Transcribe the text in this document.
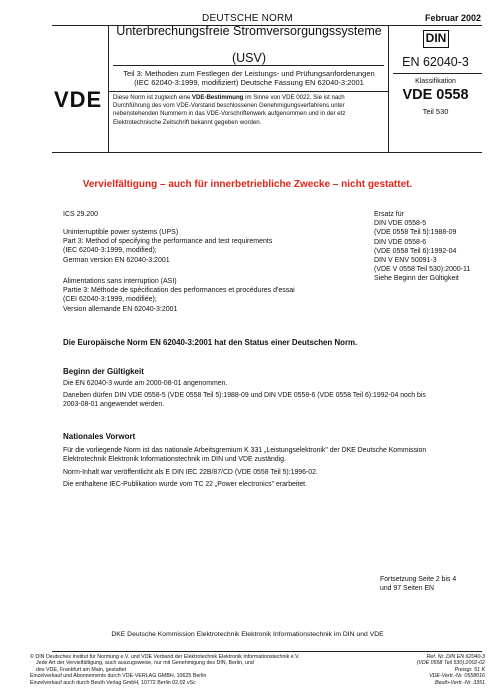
DEUTSCHE NORM	Februar 2002
VDE
Unterbrechungsfreie Stromversorgungssysteme
(USV)
Teil 3: Methoden zum Festlegen der Leistungs- und Prüfungsanforderungen
(IEC 62040-3:1999, modifiziert) Deutsche Fassung EN 62040-3:2001
Diese Norm ist zugleich eine VDE-Bestimmung im Sinne von VDE 0022. Sie ist nach
Durchführung des vom VDE-Vorstand beschlossenen Genehmigungsverfahrens unter
nebenstehenden Nummern in das VDE-Vorschriftenwerk aufgenommen und in der etz
Elektrotechnische Zeitschrift bekannt gegeben worden.
DIN
EN 62040-3
Klassifikation
VDE 0558
Teil 530
Vervielfältigung – auch für innerbetriebliche Zwecke – nicht gestattet.
ICS 29.200
Uninterruptible power systems (UPS)
Part 3: Method of specifying the performance and test requirements
(IEC 62040-3:1999, modified);
German version EN 62040-3:2001
Alimentations sans interruption (ASI)
Partie 3: Méthode de spécification des performances et procédures d'essai
(CEI 62040-3:1999, modifiée);
Version allemande EN 62040-3:2001
Ersatz für
DIN VDE 0558-5
(VDE 0558 Teil 5):1988-09
DIN VDE 0558-6
(VDE 0558 Teil 6):1992-04
DIN V ENV 50091-3
(VDE V 0558 Teil 530):2000-11
Siehe Beginn der Gültigkeit
Die Europäische Norm EN 62040-3:2001 hat den Status einer Deutschen Norm.
Beginn der Gültigkeit
Die EN 62040-3 wurde am 2000-08-01 angenommen.
Daneben dürfen DIN VDE 0558-5 (VDE 0558 Teil 5):1988-09 und DIN VDE 0558-6 (VDE 0558 Teil 6):1992-04 noch bis
2003-08-01 angewendet werden.
Nationales Vorwort
Für die vorliegende Norm ist das nationale Arbeitsgremium K 331 „Leistungselektronik" der DKE Deutsche Kommission
Elektrotechnik Elektronik Informationstechnik im DIN und VDE zuständig.
Norm-Inhalt war veröffentlicht als E DIN IEC 22B/87/CD (VDE 0558 Teil 5):1996-02.
Die enthaltene IEC-Publikation wurde vom TC 22 „Power electronics" erarbeitet.
Fortsetzung Seite 2 bis 4
und 97 Seiten EN
DKE Deutsche Kommission Elektrotechnik Elektronik Informationstechnik im DIN und VDE
© DIN Deutsches Institut für Normung e.V. und VDE Verband der Elektrotechnik Elektronik Informationstechnik e.V.
Jede Art der Vervielfältigung, auch auszugsweise, nur mit Genehmigung des DIN, Berlin, und
des VDE, Frankfurt am Main, gestattet
Einzelverkauf und Abonnements durch VDE-VERLAG GMBH, 10625 Berlin
Einzelverkauf auch durch Beuth Verlag GmbH, 10772 Berlin 02.02 vSc
Ref. Nr. DIN EN 62040-3
(VDE 0558 Teil 530):2002-02
Preisgr. 51 K
VDE-Vertr.-Nr. 0558016
Beuth-Vertr.-Nr. 3351
